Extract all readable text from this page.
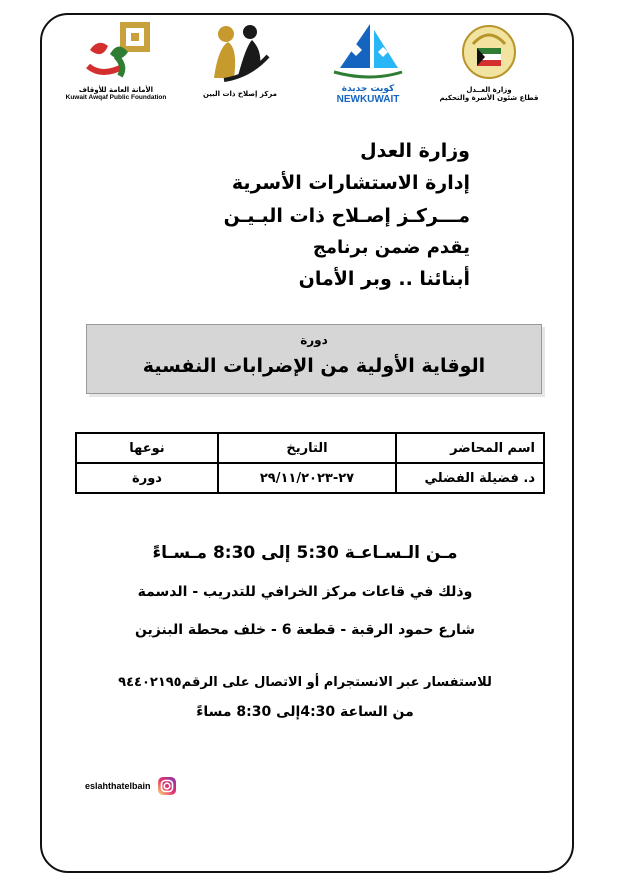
الأمانة العامة للأوقاف
Kuwait Awqaf Public Foundation	مركز إصلاح ذات البين	كويت جديدة
NEWKUWAIT
وزارة العــدل
قطاع شئون الأسرة والتحكيم
وزارة العدل
إدارة الاستشارات الأسرية
مـــركـز إصـلاح ذات البـيـن
يقدم ضمن برنامج
أبنائنا .. وبر الأمان
دورة
الوقاية الأولية من الإضرابات النفسية
اسم المحاضر	التاريخ	نوعها
د. فضيلة الفضلي	٢٧-٢٩/١١/٢٠٢٣	دورة
مـن الـسـاعـة 5:30 إلى 8:30 مـسـاءً
وذلك في قاعات مركز الخرافي للتدريب - الدسمة
شارع حمود الرقبة - قطعة 6 - خلف محطة البنزين
للاستفسار عبر الانستجرام أو الاتصال على الرقم٩٤٤٠٢١٩٥
من الساعة 4:30إلى 8:30 مساءً
eslahthatelbain
